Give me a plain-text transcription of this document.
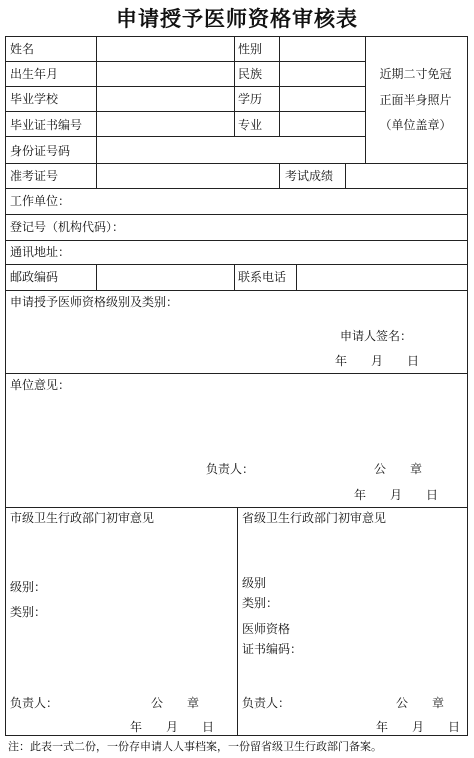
申请授予医师资格审核表
姓名	性别
出生年月	民族
毕业学校	学历
毕业证书编号	专业
身份证号码
准考证号	考试成绩
工作单位：
登记号（机构代码）：
通讯地址：
邮政编码	联系电话
近期二寸免冠
正面半身照片
（单位盖章）
申请授予医师资格级别及类别：
申请人签名：
年　　月　　日
单位意见：
负责人：	公　　章
年　　月　　日
市级卫生行政部门初审意见
级别：
类别：
负责人：	公　　章
年　　月　　日
省级卫生行政部门初审意见
级别
类别：
医师资格
证书编码：
负责人：	公　　章
年　　月　　日
注：此表一式二份，一份存申请人人事档案，一份留省级卫生行政部门备案。
